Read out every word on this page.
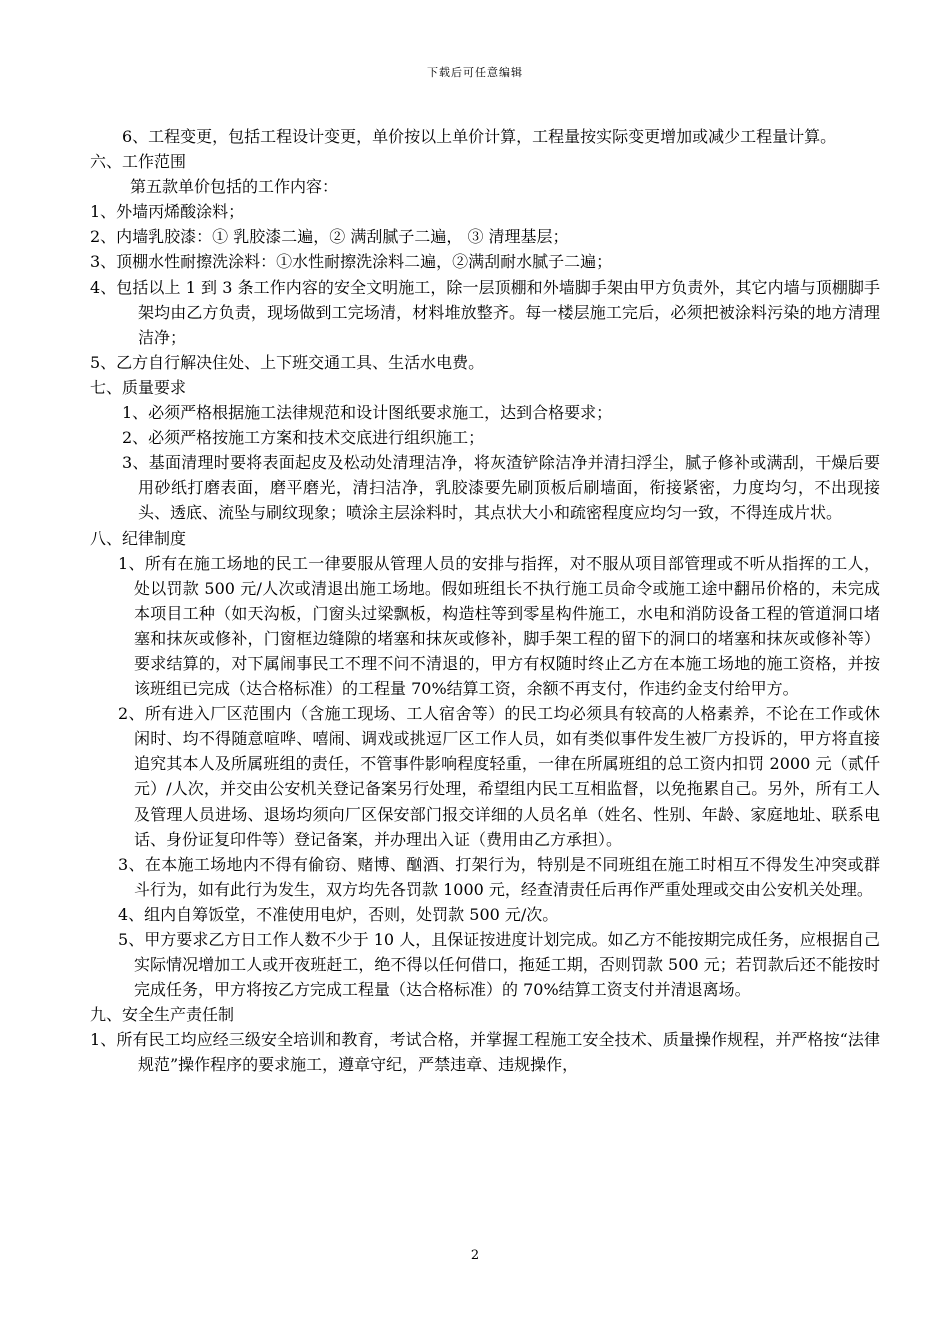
下载后可任意编辑

6、工程变更，包括工程设计变更，单价按以上单价计算，工程量按实际变更增加或减少工程量计算。

六、工作范围

第五款单价包括的工作内容：

1、外墙丙烯酸涂料；

2、内墙乳胶漆：① 乳胶漆二遍，② 满刮腻子二遍， ③ 清理基层；

3、顶棚水性耐擦洗涂料：①水性耐擦洗涂料二遍，②满刮耐水腻子二遍；

4、包括以上 1 到 3 条工作内容的安全文明施工，除一层顶棚和外墙脚手架由甲方负责外，其它内墙与顶棚脚手架均由乙方负责，现场做到工完场清，材料堆放整齐。每一楼层施工完后，必须把被涂料污染的地方清理洁净；

5、乙方自行解决住处、上下班交通工具、生活水电费。

七、质量要求

1、必须严格根据施工法律规范和设计图纸要求施工，达到合格要求；

2、必须严格按施工方案和技术交底进行组织施工；

3、基面清理时要将表面起皮及松动处清理洁净，将灰渣铲除洁净并清扫浮尘，腻子修补或满刮，干燥后要用砂纸打磨表面，磨平磨光，清扫洁净，乳胶漆要先刷顶板后刷墙面，衔接紧密，力度均匀，不出现接头、透底、流坠与刷纹现象；喷涂主层涂料时，其点状大小和疏密程度应均匀一致，不得连成片状。

八、纪律制度

1、所有在施工场地的民工一律要服从管理人员的安排与指挥，对不服从项目部管理或不听从指挥的工人，处以罚款 500 元/人次或清退出施工场地。假如班组长不执行施工员命令或施工途中翻吊价格的，未完成本项目工种（如天沟板，门窗头过梁飘板，构造柱等到零星构件施工，水电和消防设备工程的管道洞口堵塞和抹灰或修补，门窗框边缝隙的堵塞和抹灰或修补，脚手架工程的留下的洞口的堵塞和抹灰或修补等）要求结算的，对下属闹事民工不理不问不清退的，甲方有权随时终止乙方在本施工场地的施工资格，并按该班组已完成（达合格标准）的工程量 70%结算工资，余额不再支付，作违约金支付给甲方。

2、所有进入厂区范围内（含施工现场、工人宿舍等）的民工均必须具有较高的人格素养，不论在工作或休闲时、均不得随意喧哗、嘻闹、调戏或挑逗厂区工作人员，如有类似事件发生被厂方投诉的，甲方将直接追究其本人及所属班组的责任，不管事件影响程度轻重，一律在所属班组的总工资内扣罚 2000 元（贰仟元）/人次，并交由公安机关登记备案另行处理，希望组内民工互相监督，以免拖累自己。另外，所有工人及管理人员进场、退场均须向厂区保安部门报交详细的人员名单（姓名、性别、年龄、家庭地址、联系电话、身份证复印件等）登记备案，并办理出入证（费用由乙方承担）。

3、在本施工场地内不得有偷窃、赌博、酗酒、打架行为，特别是不同班组在施工时相互不得发生冲突或群斗行为，如有此行为发生，双方均先各罚款 1000 元，经查清责任后再作严重处理或交由公安机关处理。

4、组内自筹饭堂，不准使用电炉，否则，处罚款 500 元/次。

5、甲方要求乙方日工作人数不少于 10 人，且保证按进度计划完成。如乙方不能按期完成任务，应根据自己实际情况增加工人或开夜班赶工，绝不得以任何借口，拖延工期，否则罚款 500 元；若罚款后还不能按时完成任务，甲方将按乙方完成工程量（达合格标准）的 70%结算工资支付并清退离场。

九、安全生产责任制

1、所有民工均应经三级安全培训和教育，考试合格，并掌握工程施工安全技术、质量操作规程，并严格按“法律规范”操作程序的要求施工，遵章守纪，严禁违章、违规操作，

2
